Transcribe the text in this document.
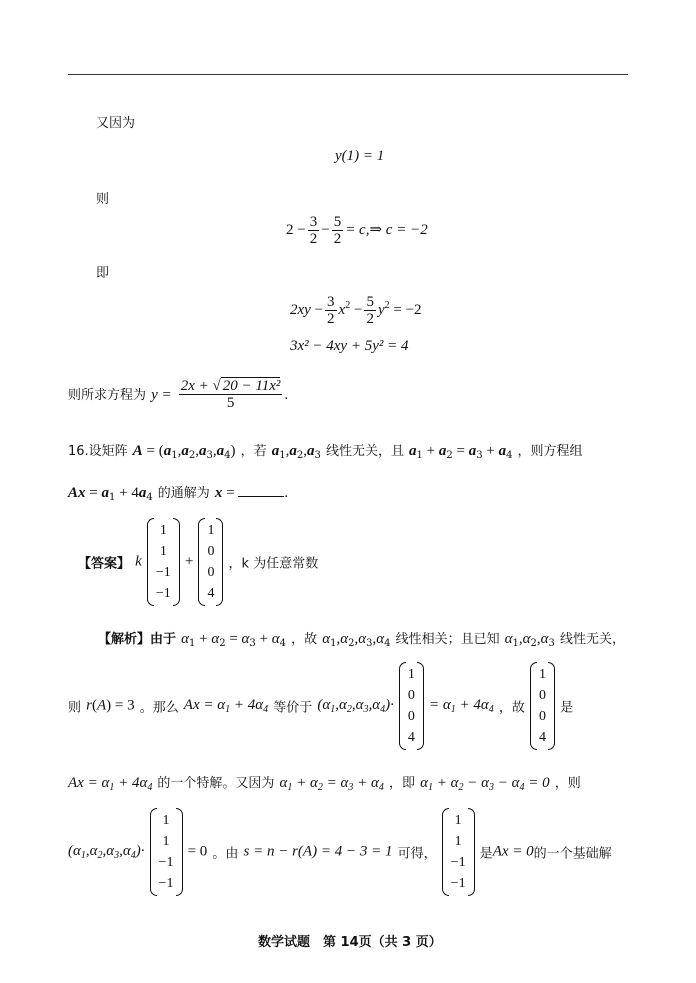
又因为
y(1) = 1
则
$2 - \frac{3}{2} - \frac{5}{2}$ = c,⇒ c = −2
即
$2xy - \frac{3}{2} x^2 - \frac{5}{2} y^2 = -2$
3x² − 4xy + 5y² = 4
则所求方程为 $y = \frac{\text{2x + √ 20 − 11x²}}{5}$ .
16.设矩阵 $A = (a_1,a_2,a_3,a_4)$ ，若 $a_1,a_2,a_3$ 线性无关，且 $a_1 + a_2 = a_3 + a_4$ ，则方程组
$Ax = a_1 + 4a_4$ 的通解为 x =	.
【答案】 k
1
1
−1
−1
+
1
0
0
4
，k 为任意常数
【解析】由于 $\alpha_1 + \alpha_2 = \alpha_3 + \alpha_4$ ，故 $\alpha_1,\alpha_2,\alpha_3,\alpha_4$ 线性相关；且已知 $\alpha_1,\alpha_2,\alpha_3$ 线性无关，
则 r(A) = 3 。那么 $Ax = \alpha_1 + 4\alpha_4$ 等价于 $(\alpha_1,\alpha_2,\alpha_3,\alpha_4)\cdot$
1
0
0
4
= $\alpha_1 + 4\alpha_4$ ，故
1
0
0
4
是
$Ax = \alpha_1 + 4\alpha_4$ 的一个特解。又因为 $\alpha_1 + \alpha_2 = \alpha_3 + \alpha_4$ ，即 $\alpha_1 + \alpha_2 - \alpha_3 - \alpha_4 = 0$ ，则
$(\alpha_1,\alpha_2,\alpha_3,\alpha_4)\cdot$
1
1
−1
−1
= 0 。由 s = n − r(A) = 4 − 3 = 1 可得，
1
1
−1
−1
是Ax = 0的一个基础解
数学试题　第 14页（共 3 页）
